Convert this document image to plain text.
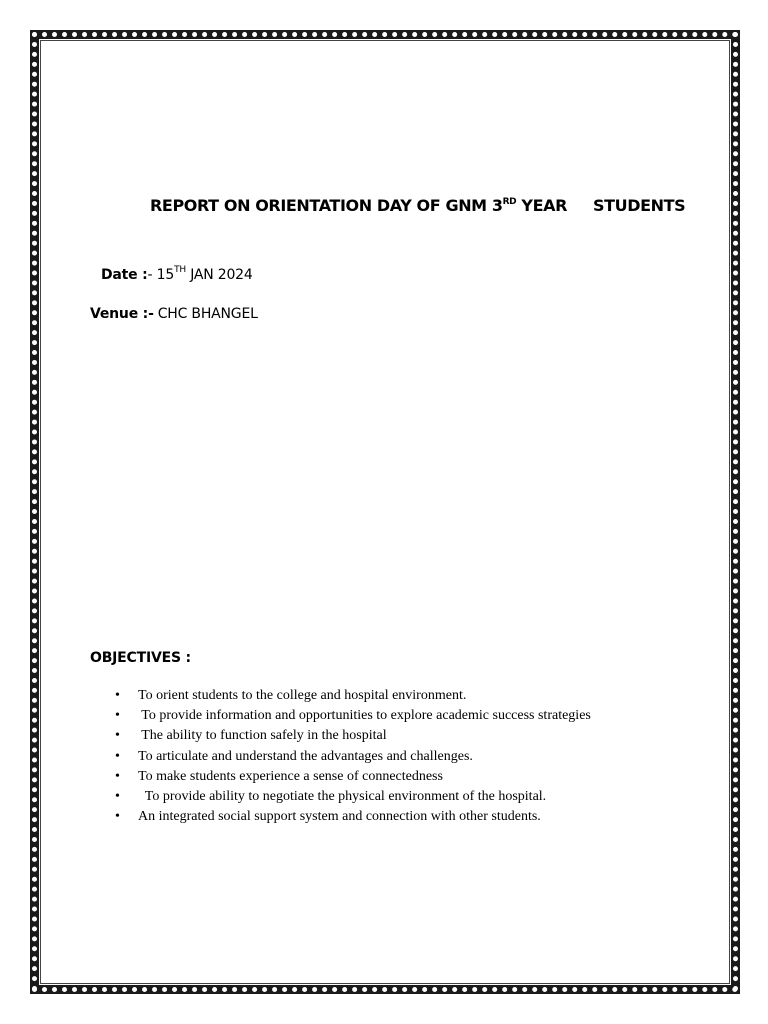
REPORT ON ORIENTATION DAY OF GNM 3RD YEAR STUDENTS
Date :- 15TH JAN 2024
Venue :- CHC BHANGEL
OBJECTIVES :
• To orient students to the college and hospital environment.
• To provide information and opportunities to explore academic success strategies
• The ability to function safely in the hospital
• To articulate and understand the advantages and challenges.
• To make students experience a sense of connectedness
• To provide ability to negotiate the physical environment of the hospital.
• An integrated social support system and connection with other students.
